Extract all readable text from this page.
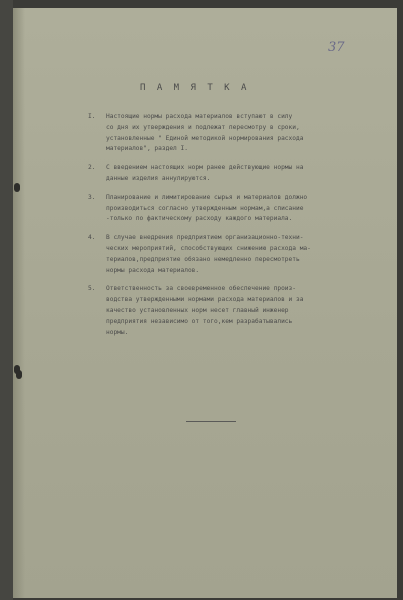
37
П А М Я Т К А
I.	Настоящие нормы расхода материалов вступают в силу
со дня их утверждения и подлежат пересмотру в сроки,
установленные " Единой методикой нормирования расхода
материалов", раздел I.
2.	С введением настоящих норм ранее действующие нормы на
данные изделия аннулируются.
3.	Планирование и лимитирование сырья и материалов должно
производиться согласно утвержденным нормам,а списание
-только по фактическому расходу каждого материала.
4.	В случае внедрения предприятием организационно-техни-
ческих мероприятий, способствующих снижению расхода ма-
териалов,предприятие обязано немедленно пересмотреть
нормы расхода материалов.
5.	Ответственность за своевременное обеспечение произ-
водства утвержденными нормами расхода материалов и за
качество установленных норм несет главный инженер
предприятия независимо от того,кем разрабатывались
нормы.
